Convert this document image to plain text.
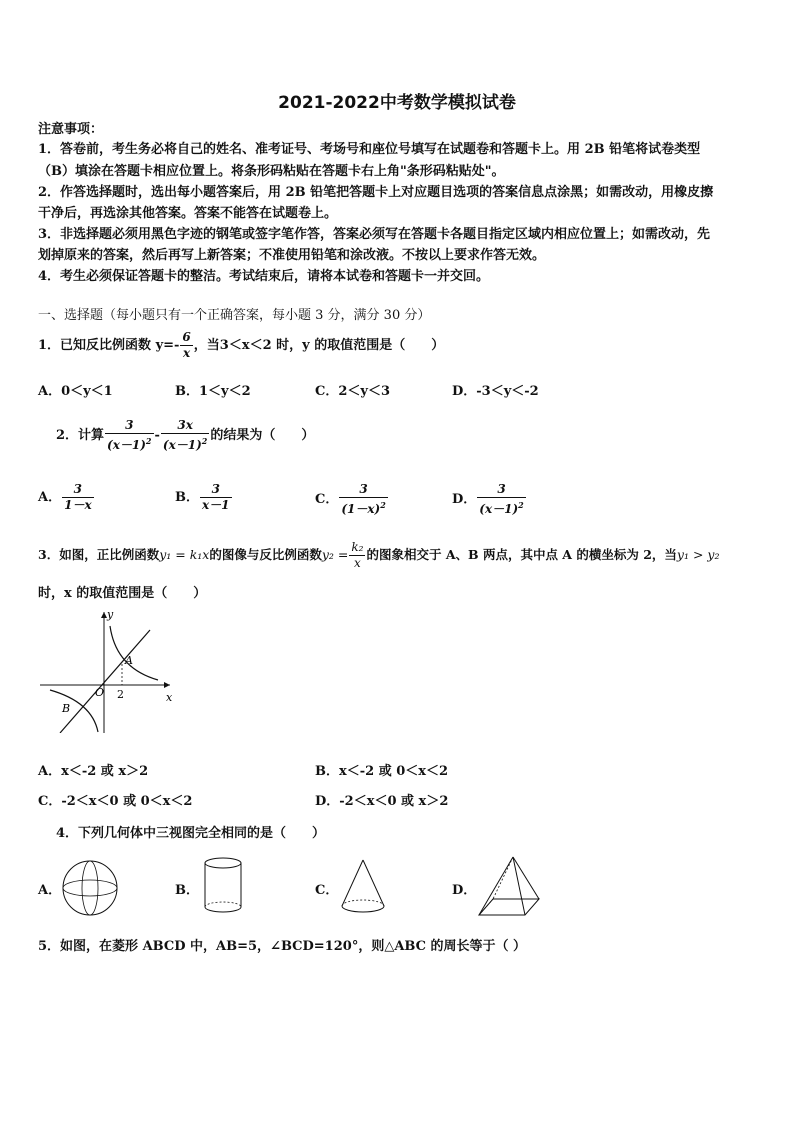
2021-2022中考数学模拟试卷
注意事项：
1．答卷前，考生务必将自己的姓名、准考证号、考场号和座位号填写在试题卷和答题卡上。用 2B 铅笔将试卷类型
（B）填涂在答题卡相应位置上。将条形码粘贴在答题卡右上角"条形码粘贴处"。
2．作答选择题时，选出每小题答案后，用 2B 铅笔把答题卡上对应题目选项的答案信息点涂黑；如需改动，用橡皮擦
干净后，再选涂其他答案。答案不能答在试题卷上。
3．非选择题必须用黑色字迹的钢笔或签字笔作答，答案必须写在答题卡各题目指定区域内相应位置上；如需改动，先
划掉原来的答案，然后再写上新答案；不准使用铅笔和涂改液。不按以上要求作答无效。
4．考生必须保证答题卡的整洁。考试结束后，请将本试卷和答题卡一并交回。
一、选择题（每小题只有一个正确答案，每小题 3 分，满分 30 分）
1．已知反比例函数 $y=- \frac{6}{x}$ ，当3＜x＜2 时，y 的取值范围是（　　）
A．0＜y＜1	B．1＜y＜2	C．2＜y＜3	D．-3＜y＜-2
2．计算 $\frac{3}{(x-1)^2} - \frac{3x}{(x-1)^2}$ 的结果为（　　）
A． $\frac{3}{1-x}$	B． $\frac{3}{x-1}$	C． $\frac{3}{(1-x)^2}$	D． $\frac{3}{(x-1)^2}$
3．如图，正比例函数y₁ = k₁x的图像与反比例函数$y_2 = \frac{\text{k₂}}{x}$ 的图象相交于 A、B 两点，其中点 A 的横坐标为 2，当y₁ > y₂
时，x 的取值范围是（　　）
y
x
O
A
B
2
A．x＜-2 或 x＞2	B．x＜-2 或 0＜x＜2
C．-2＜x＜0 或 0＜x＜2	D．-2＜x＜0 或 x＞2
4．下列几何体中三视图完全相同的是（　　）
A．	B．	C．	D．
5．如图，在菱形 ABCD 中，AB=5，∠BCD=120°，则△ABC 的周长等于（ ）
